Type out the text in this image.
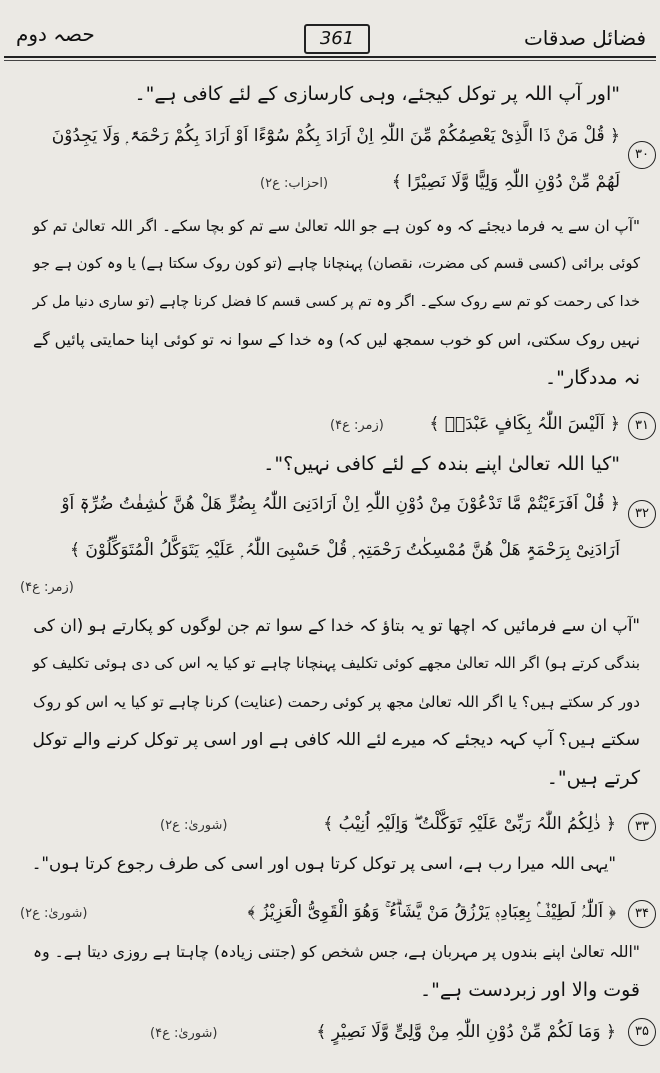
حصہ دوم	361	فضائل صدقات
"اور آپ اللہ پر توکل کیجئے، وہی کارسازی کے لئے کافی ہے"۔
۳۰
﴿ قُلْ مَنْ ذَا الَّذِیْ یَعْصِمُکُمْ مِّنَ اللّٰہِ اِنْ اَرَادَ بِکُمْ سُوْٓءًا اَوْ اَرَادَ بِکُمْ رَحْمَۃً ۭ وَلَا یَجِدُوْنَ
لَهُمْ مِّنْ دُوْنِ اللّٰہِ وَلِیًّا وَّلَا نَصِیْرًا ﴾
(احزاب: ع۲)
"آپ ان سے یہ فرما دیجئے کہ وہ کون ہے جو اللہ تعالیٰ سے تم کو بچا سکے۔ اگر اللہ تعالیٰ تم کو
کوئی برائی (کسی قسم کی مضرت، نقصان) پہنچانا چاہے (تو کون روک سکتا ہے) یا وہ کون ہے جو
خدا کی رحمت کو تم سے روک سکے۔ اگر وہ تم پر کسی قسم کا فضل کرنا چاہے (تو ساری دنیا مل کر
نہیں روک سکتی، اس کو خوب سمجھ لیں کہ) وہ خدا کے سوا نہ تو کوئی اپنا حمایتی پائیں گے
نہ مددگار"۔
۳۱
﴿ اَلَیْسَ اللّٰہُ بِکَافٍ عَبْدَہٗ ﴾
(زمر: ع۴)
"کیا اللہ تعالیٰ اپنے بندہ کے لئے کافی نہیں؟"۔
۳۲
﴿ قُلْ اَفَرَءَیْتُمْ مَّا تَدْعُوْنَ مِنْ دُوْنِ اللّٰہِ اِنْ اَرَادَنِیَ اللّٰہُ بِضُرٍّ هَلْ هُنَّ کٰشِفٰتُ ضُرِّہٖٓ اَوْ
اَرَادَنِیْ بِرَحْمَۃٍ هَلْ هُنَّ مُمْسِکٰتُ رَحْمَتِہٖ ۭ قُلْ حَسْبِیَ اللّٰہُ ۭ عَلَیْہِ یَتَوَکَّلُ الْمُتَوَکِّلُوْنَ ﴾
(زمر: ع۴)
"آپ ان سے فرمائیں کہ اچھا تو یہ بتاؤ کہ خدا کے سوا تم جن لوگوں کو پکارتے ہو (ان کی
بندگی کرتے ہو) اگر اللہ تعالیٰ مجھے کوئی تکلیف پہنچانا چاہے تو کیا یہ اس کی دی ہوئی تکلیف کو
دور کر سکتے ہیں؟ یا اگر اللہ تعالیٰ مجھ پر کوئی رحمت (عنایت) کرنا چاہے تو کیا یہ اس کو روک
سکتے ہیں؟ آپ کہہ دیجئے کہ میرے لئے اللہ کافی ہے اور اسی پر توکل کرنے والے توکل
کرتے ہیں"۔
۳۳
﴿ ذٰلِکُمُ اللّٰہُ رَبِّیْ عَلَیْہِ تَوَکَّلْتُ ۖ وَاِلَیْہِ اُنِیْبُ ﴾
(شوریٰ: ع۲)
"یہی اللہ میرا رب ہے، اسی پر توکل کرتا ہوں اور اسی کی طرف رجوع کرتا ہوں"۔
۳۴
﴿ اَللّٰہُ لَطِیْفٌۢ بِعِبَادِہٖ یَرْزُقُ مَنْ یَّشَاۗءُ ۚ وَهُوَ الْقَوِیُّ الْعَزِیْزُ ﴾
(شوریٰ: ع۲)
"اللہ تعالیٰ اپنے بندوں پر مہربان ہے، جس شخص کو (جتنی زیادہ) چاہتا ہے روزی دیتا ہے۔ وہ
قوت والا اور زبردست ہے"۔
۳۵
﴿ وَمَا لَکُمْ مِّنْ دُوْنِ اللّٰہِ مِنْ وَّلِیٍّ وَّلَا نَصِیْرٍ ﴾
(شوریٰ: ع۴)
